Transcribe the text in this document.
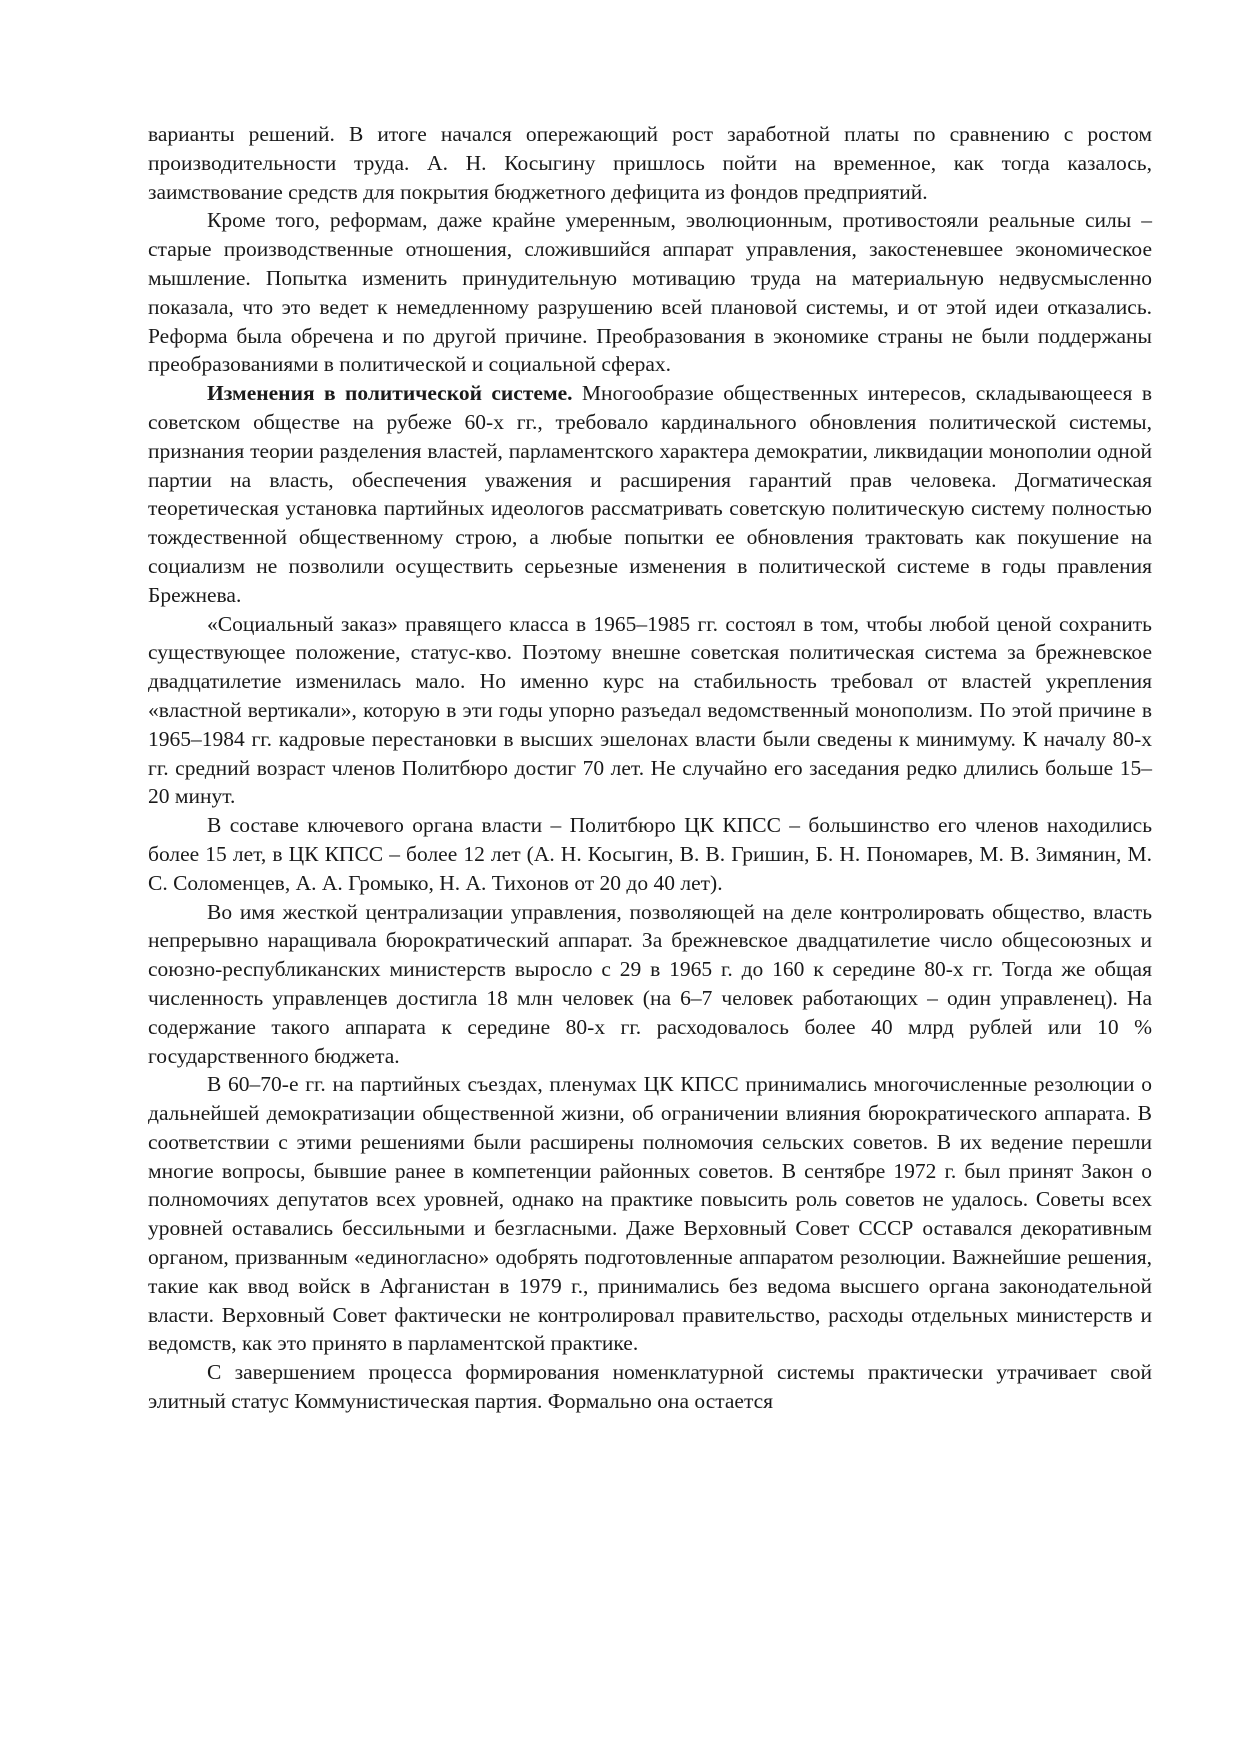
варианты решений. В итоге начался опережающий рост заработной платы по сравнению с ростом производительности труда. А. Н. Косыгину пришлось пойти на временное, как тогда казалось, заимствование средств для покрытия бюджетного дефицита из фондов предприятий.

Кроме того, реформам, даже крайне умеренным, эволюционным, противостояли реальные силы – старые производственные отношения, сложившийся аппарат управления, закостеневшее экономическое мышление. Попытка изменить принудительную мотивацию труда на материальную недвусмысленно показала, что это ведет к немедленному разрушению всей плановой системы, и от этой идеи отказались. Реформа была обречена и по другой причине. Преобразования в экономике страны не были поддержаны преобразованиями в политической и социальной сферах.

Изменения в политической системе. Многообразие общественных интересов, складывающееся в советском обществе на рубеже 60-х гг., требовало кардинального обновления политической системы, признания теории разделения властей, парламентского характера демократии, ликвидации монополии одной партии на власть, обеспечения уважения и расширения гарантий прав человека. Догматическая теоретическая установка партийных идеологов рассматривать советскую политическую систему полностью тождественной общественному строю, а любые попытки ее обновления трактовать как покушение на социализм не позволили осуществить серьезные изменения в политической системе в годы правления Брежнева.

«Социальный заказ» правящего класса в 1965–1985 гг. состоял в том, чтобы любой ценой сохранить существующее положение, статус-кво. Поэтому внешне советская политическая система за брежневское двадцатилетие изменилась мало. Но именно курс на стабильность требовал от властей укрепления «властной вертикали», которую в эти годы упорно разъедал ведомственный монополизм. По этой причине в 1965–1984 гг. кадровые перестановки в высших эшелонах власти были сведены к минимуму. К началу 80-х гг. средний возраст членов Политбюро достиг 70 лет. Не случайно его заседания редко длились больше 15–20 минут.

В составе ключевого органа власти – Политбюро ЦК КПСС – большинство его членов находились более 15 лет, в ЦК КПСС – более 12 лет (А. Н. Косыгин, В. В. Гришин, Б. Н. Пономарев, М. В. Зимянин, М. С. Соломенцев, А. А. Громыко, Н. А. Тихонов от 20 до 40 лет).

Во имя жесткой централизации управления, позволяющей на деле контролировать общество, власть непрерывно наращивала бюрократический аппарат. За брежневское двадцатилетие число общесоюзных и союзно-республиканских министерств выросло с 29 в 1965 г. до 160 к середине 80-х гг. Тогда же общая численность управленцев достигла 18 млн человек (на 6–7 человек работающих – один управленец). На содержание такого аппарата к середине 80-х гг. расходовалось более 40 млрд рублей или 10 % государственного бюджета.

В 60–70-е гг. на партийных съездах, пленумах ЦК КПСС принимались многочисленные резолюции о дальнейшей демократизации общественной жизни, об ограничении влияния бюрократического аппарата. В соответствии с этими решениями были расширены полномочия сельских советов. В их ведение перешли многие вопросы, бывшие ранее в компетенции районных советов. В сентябре 1972 г. был принят Закон о полномочиях депутатов всех уровней, однако на практике повысить роль советов не удалось. Советы всех уровней оставались бессильными и безгласными. Даже Верховный Совет СССР оставался декоративным органом, призванным «единогласно» одобрять подготовленные аппаратом резолюции. Важнейшие решения, такие как ввод войск в Афганистан в 1979 г., принимались без ведома высшего органа законодательной власти. Верховный Совет фактически не контролировал правительство, расходы отдельных министерств и ведомств, как это принято в парламентской практике.

С завершением процесса формирования номенклатурной системы практически утрачивает свой элитный статус Коммунистическая партия. Формально она остается
